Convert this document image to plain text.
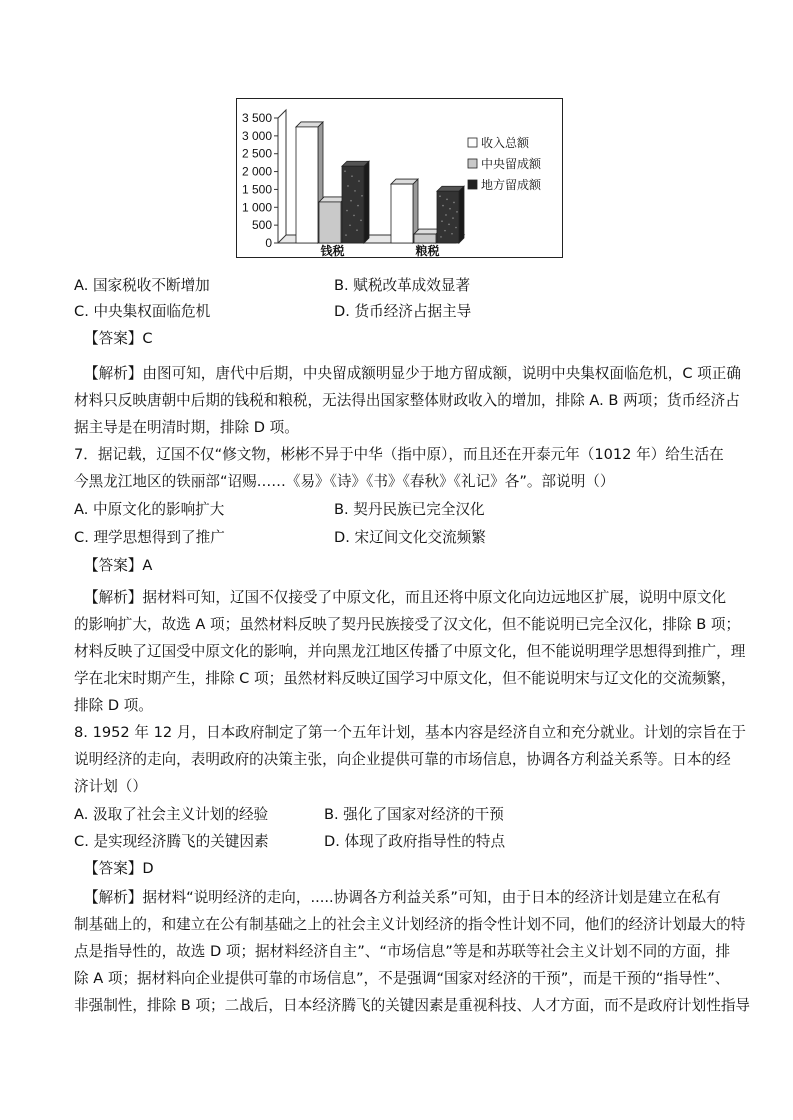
3 500
3 000
2 500
2 000
1 500
1 000
500
0
钱税	粮税
收入总额
中央留成额
地方留成额
A. 国家税收不断增加	B. 赋税改革成效显著
C. 中央集权面临危机	D. 货币经济占据主导
【答案】C
【解析】由图可知，唐代中后期，中央留成额明显少于地方留成额，说明中央集权面临危机，C 项正确
材料只反映唐朝中后期的钱税和粮税，无法得出国家整体财政收入的增加，排除 A. B 两项；货币经济占
据主导是在明清时期，排除 D 项。
7．据记载，辽国不仅“修文物，彬彬不异于中华（指中原），而且还在开泰元年（1012 年）给生活在
今黑龙江地区的铁丽部“诏赐……《易》《诗》《书》《春秋》《礼记》各”。部说明（）
A. 中原文化的影响扩大	B. 契丹民族已完全汉化
C. 理学思想得到了推广	D. 宋辽间文化交流频繁
【答案】A
【解析】据材料可知，辽国不仅接受了中原文化，而且还将中原文化向边远地区扩展，说明中原文化
的影响扩大，故选 A 项；虽然材料反映了契丹民族接受了汉文化，但不能说明已完全汉化，排除 B 项；
材料反映了辽国受中原文化的影响，并向黑龙江地区传播了中原文化，但不能说明理学思想得到推广，理
学在北宋时期产生，排除 C 项；虽然材料反映辽国学习中原文化，但不能说明宋与辽文化的交流频繁，
排除 D 项。
8. 1952 年 12 月，日本政府制定了第一个五年计划，基本内容是经济自立和充分就业。计划的宗旨在于
说明经济的走向，表明政府的决策主张，向企业提供可靠的市场信息，协调各方利益关系等。日本的经
济计划（）
A. 汲取了社会主义计划的经验	B. 强化了国家对经济的干预
C. 是实现经济腾飞的关键因素	D. 体现了政府指导性的特点
【答案】D
【解析】据材料“说明经济的走向，.....协调各方利益关系”可知，由于日本的经济计划是建立在私有
制基础上的，和建立在公有制基础之上的社会主义计划经济的指令性计划不同，他们的经济计划最大的特
点是指导性的，故选 D 项；据材料经济自主”、“市场信息”等是和苏联等社会主义计划不同的方面，排
除 A 项；据材料向企业提供可靠的市场信息”，不是强调“国家对经济的干预”，而是干预的“指导性”、
非强制性，排除 B 项；二战后，日本经济腾飞的关键因素是重视科技、人才方面，而不是政府计划性指导
